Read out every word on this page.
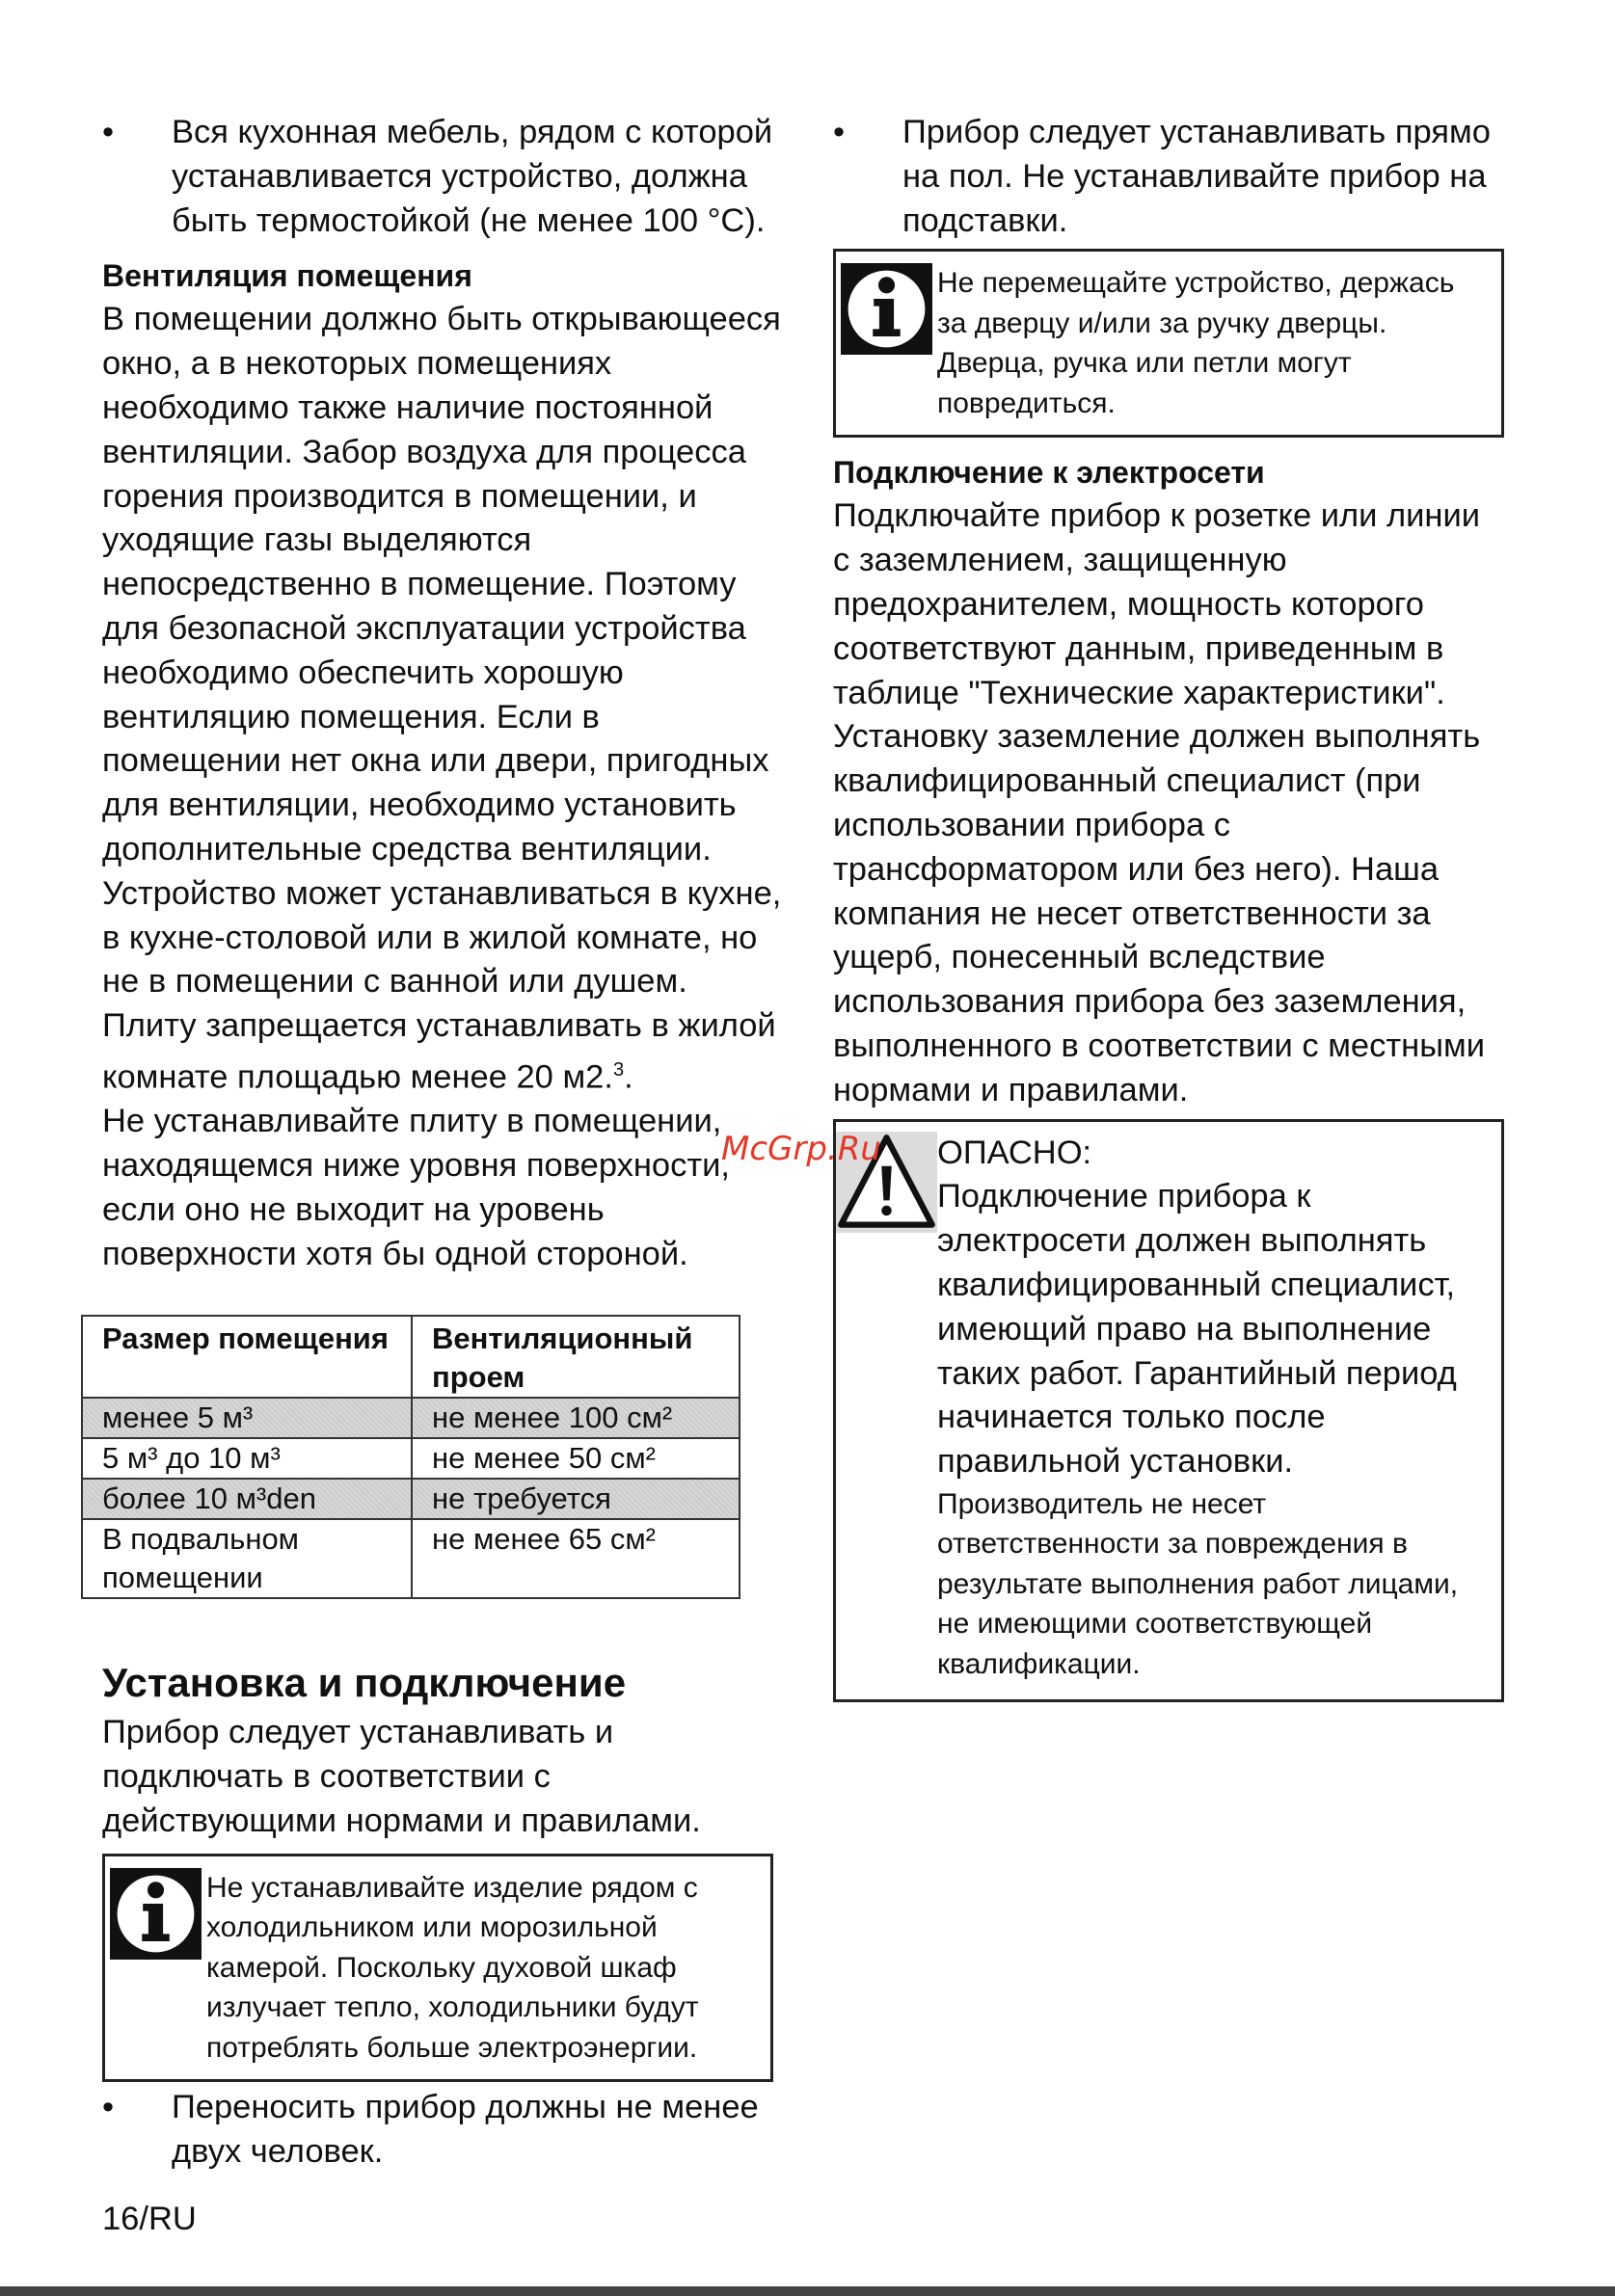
• Вся кухонная мебель, рядом с которой устанавливается устройство, должна быть термостойкой (не менее 100 °C).

Вентиляция помещения

В помещении должно быть открывающееся окно, а в некоторых помещениях необходимо также наличие постоянной вентиляции. Забор воздуха для процесса горения производится в помещении, и уходящие газы выделяются непосредственно в помещение. Поэтому для безопасной эксплуатации устройства необходимо обеспечить хорошую вентиляцию помещения. Если в помещении нет окна или двери, пригодных для вентиляции, необходимо установить дополнительные средства вентиляции. Устройство может устанавливаться в кухне, в кухне-столовой или в жилой комнате, но не в помещении с ванной или душем. Плиту запрещается устанавливать в жилой комнате площадью менее 20 м2.$^3$.

Не устанавливайте плиту в помещении, находящемся ниже уровня поверхности, если оно не выходит на уровень поверхности хотя бы одной стороной.

Размер помещения	Вентиляционный проем
менее 5 м³	не менее 100 см²
5 м³ до 10 м³	не менее 50 см²
более 10 м³den	не требуется
В подвальном помещении	не менее 65 см²

Установка и подключение

Прибор следует устанавливать и подключать в соответствии с действующими нормами и правилами.

Не устанавливайте изделие рядом с холодильником или морозильной камерой. Поскольку духовой шкаф излучает тепло, холодильники будут потреблять больше электроэнергии.
• Переносить прибор должны не менее двух человек.
• Прибор следует устанавливать прямо на пол. Не устанавливайте прибор на подставки.
Не перемещайте устройство, держась за дверцу и/или за ручку дверцы. Дверца, ручка или петли могут повредиться.

Подключение к электросети

Подключайте прибор к розетке или линии с заземлением, защищенную предохранителем, мощность которого соответствуют данным, приведенным в таблице "Технические характеристики". Установку заземление должен выполнять квалифицированный специалист (при использовании прибора с трансформатором или без него). Наша компания не несет ответственности за ущерб, понесенный вследствие использования прибора без заземления, выполненного в соответствии с местными нормами и правилами.

ОПАСНО:
Подключение прибора к электросети должен выполнять квалифицированный специалист, имеющий право на выполнение таких работ. Гарантийный период начинается только после правильной установки.
Производитель не несет ответственности за повреждения в результате выполнения работ лицами, не имеющими соответствующей квалификации.
McGrp.Ru
16/RU
